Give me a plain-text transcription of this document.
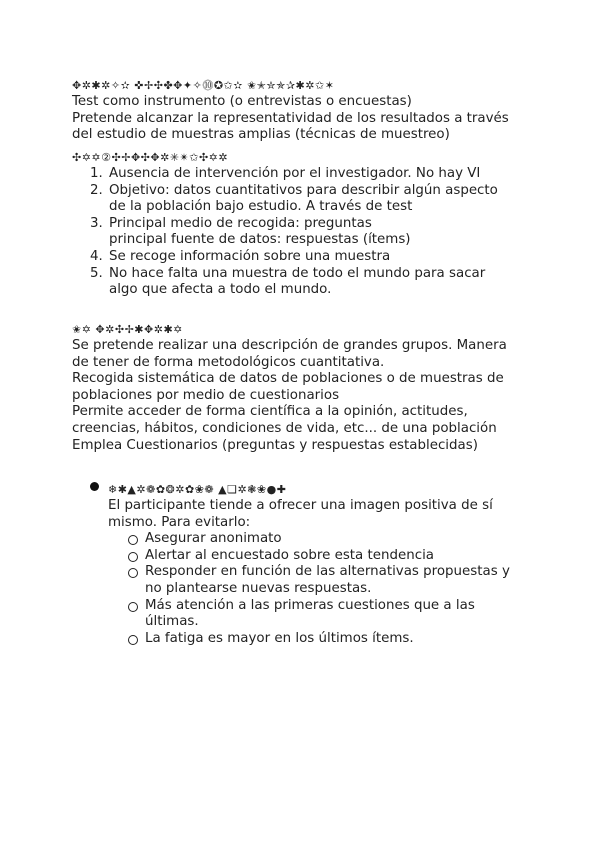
✥✲✱✲✧✫ ✜✢✣✤✥✦✧⓾✪✩✫ ✬✭✮✯✰✱✲✩✶
Test como instrumento (o entrevistas o encuestas)
Pretende alcanzar la representatividad de los resultados a través
del estudio de muestras amplias (técnicas de muestreo)
✣✡✡②✣✢✥✣✥✲✳✴✩✣✡✲
1. Ausencia de intervención por el investigador. No hay VI
2. Objetivo: datos cuantitativos para describir algún aspecto
de la población bajo estudio. A través de test
3. Principal medio de recogida: preguntas
principal fuente de datos: respuestas (ítems)
4. Se recoge información sobre una muestra
5. No hace falta una muestra de todo el mundo para sacar
algo que afecta a todo el mundo.
✬✡ ✥✲✣✢✱✥✲✱✡
Se pretende realizar una descripción de grandes grupos. Manera
de tener de forma metodológicos cuantitativa.
Recogida sistemática de datos de poblaciones o de muestras de
poblaciones por medio de cuestionarios
Permite acceder de forma científica a la opinión, actitudes,
creencias, hábitos, condiciones de vida, etc... de una población
Emplea Cuestionarios (preguntas y respuestas establecidas)
❄✱▲✲❁✿❂✲✿❀❁ ▲❏✲❃❀●✚
El participante tiende a ofrecer una imagen positiva de sí
mismo. Para evitarlo:
Asegurar anonimato
Alertar al encuestado sobre esta tendencia
Responder en función de las alternativas propuestas y
no plantearse nuevas respuestas.
Más atención a las primeras cuestiones que a las
últimas.
La fatiga es mayor en los últimos ítems.
